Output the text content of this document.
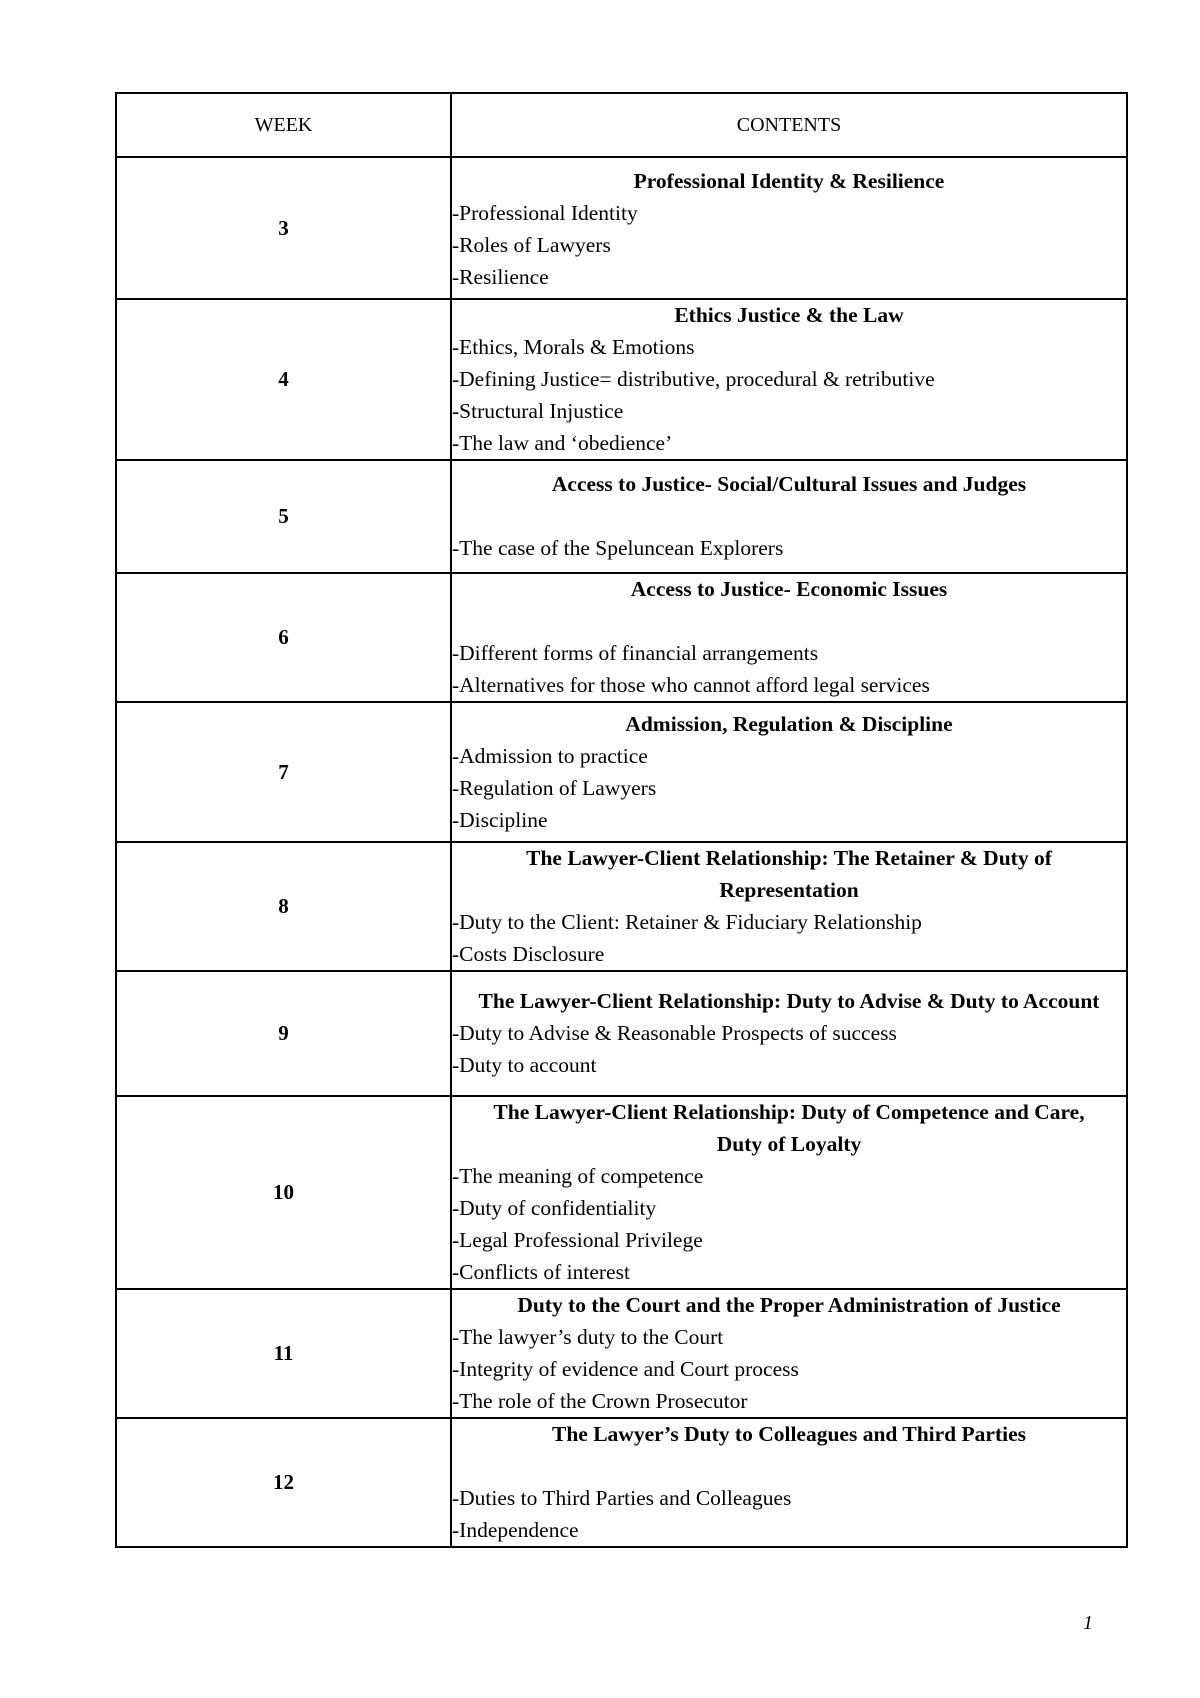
WEEK	CONTENTS
3	Professional Identity & Resilience
-Professional Identity
-Roles of Lawyers
-Resilience

4	Ethics Justice & the Law
-Ethics, Morals & Emotions
-Defining Justice= distributive, procedural & retributive
-Structural Injustice
-The law and ‘obedience’

5	Access to Justice- Social/Cultural Issues and Judges
-The case of the Speluncean Explorers

6	Access to Justice- Economic Issues
-Different forms of financial arrangements
-Alternatives for those who cannot afford legal services

7	Admission, Regulation & Discipline
-Admission to practice
-Regulation of Lawyers
-Discipline

8	The Lawyer-Client Relationship: The Retainer & Duty of Representation
-Duty to the Client: Retainer & Fiduciary Relationship
-Costs Disclosure

9	The Lawyer-Client Relationship: Duty to Advise & Duty to Account
-Duty to Advise & Reasonable Prospects of success
-Duty to account

10	The Lawyer-Client Relationship: Duty of Competence and Care, Duty of Loyalty
-The meaning of competence
-Duty of confidentiality
-Legal Professional Privilege
-Conflicts of interest

11	Duty to the Court and the Proper Administration of Justice
-The lawyer’s duty to the Court
-Integrity of evidence and Court process
-The role of the Crown Prosecutor

12	The Lawyer’s Duty to Colleagues and Third Parties
-Duties to Third Parties and Colleagues
-Independence
1
